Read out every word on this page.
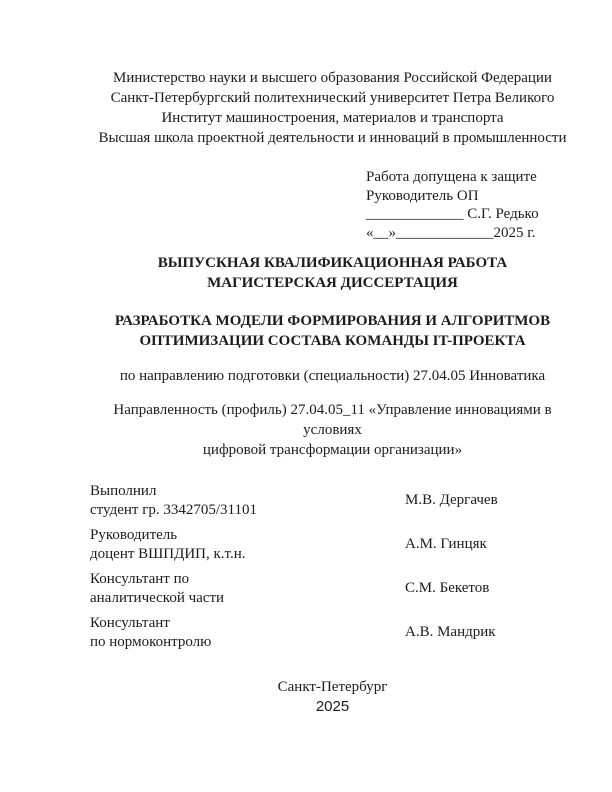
Министерство науки и высшего образования Российской Федерации
Санкт-Петербургский политехнический университет Петра Великого
Институт машиностроения, материалов и транспорта
Высшая школа проектной деятельности и инноваций в промышленности
Работа допущена к защите
Руководитель ОП
_____________ С.Г. Редько
«__»_____________2025 г.
ВЫПУСКНАЯ КВАЛИФИКАЦИОННАЯ РАБОТА
МАГИСТЕРСКАЯ ДИССЕРТАЦИЯ
РАЗРАБОТКА МОДЕЛИ ФОРМИРОВАНИЯ И АЛГОРИТМОВ
ОПТИМИЗАЦИИ СОСТАВА КОМАНДЫ IT-ПРОЕКТА
по направлению подготовки (специальности) 27.04.05 Инноватика
Направленность (профиль) 27.04.05_11 «Управление инновациями в условиях
цифровой трансформации организации»
Выполнил
студент гр. 3342705/31101
М.В. Дергачев
Руководитель
доцент ВШПДИП, к.т.н.
А.М. Гинцяк
Консультант по
аналитической части
С.М. Бекетов
Консультант
по нормоконтролю
А.В. Мандрик
Санкт-Петербург
2025
